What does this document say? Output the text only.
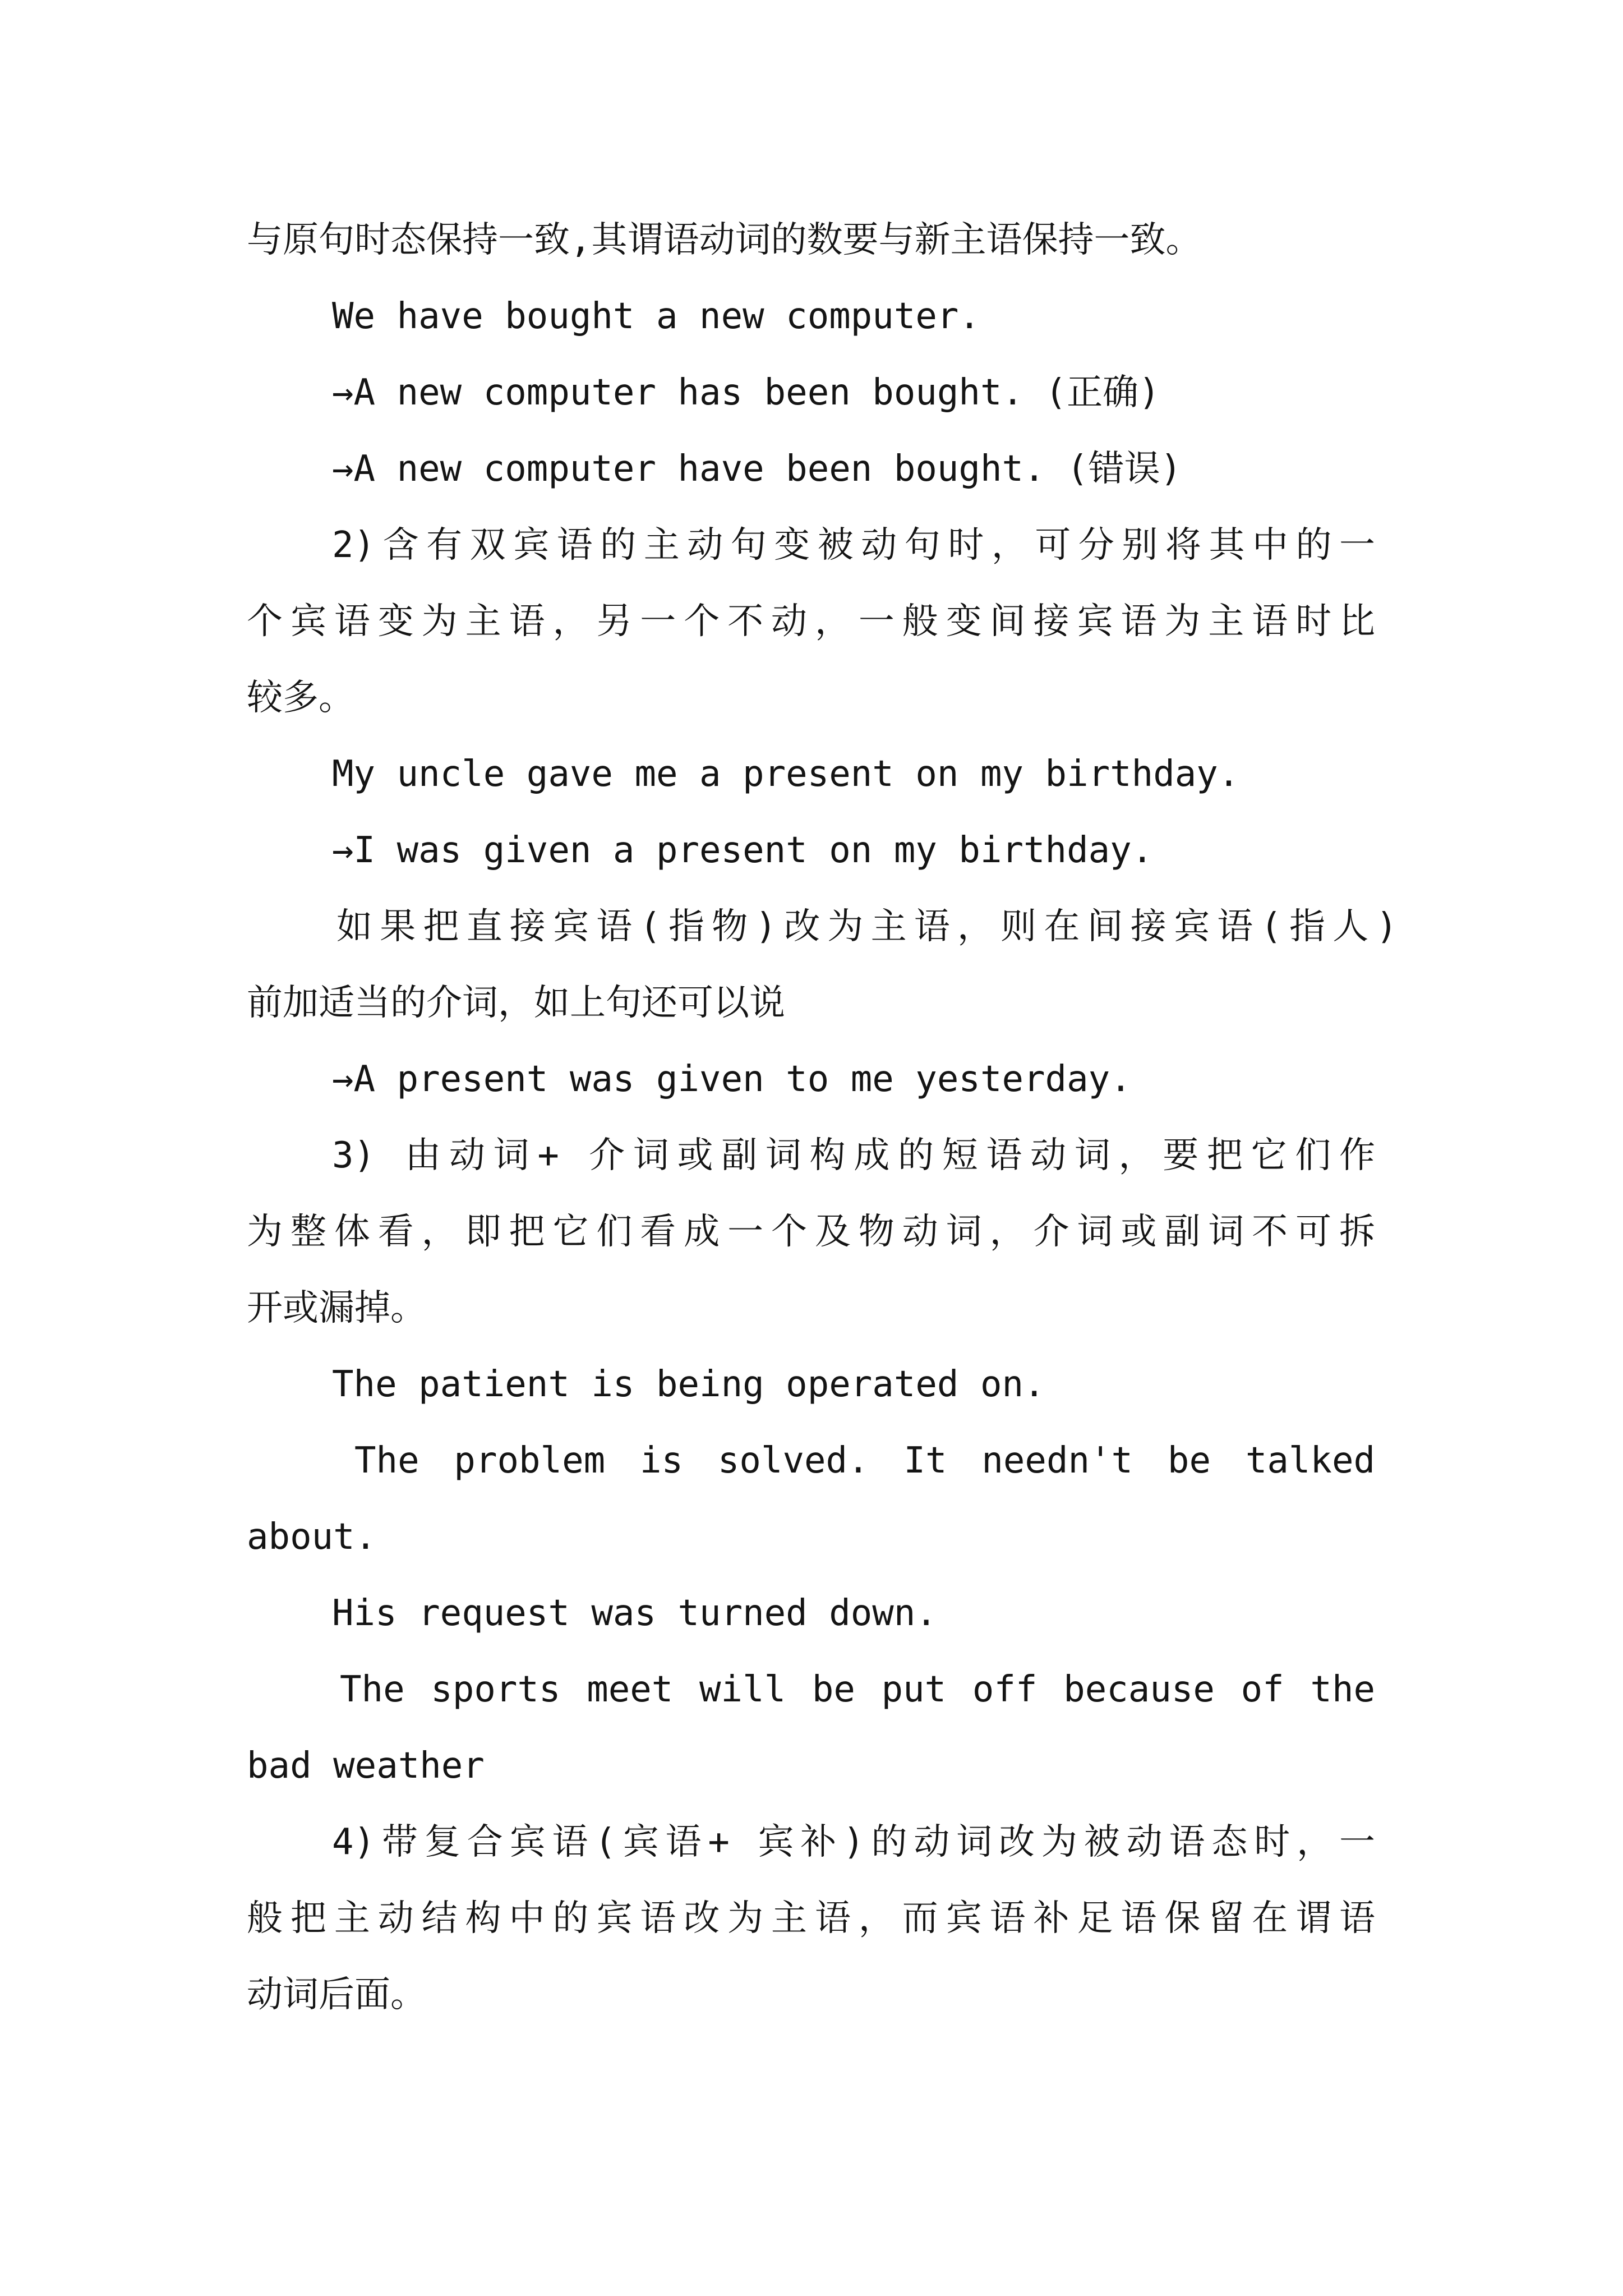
与原句时态保持一致,其谓语动词的数要与新主语保持一致。
We have bought a new computer.
→A new computer has been bought. (正确)
→A new computer have been bought. (错误)
2)含有双宾语的主动句变被动句时，可分别将其中的一
个宾语变为主语，另一个不动，一般变间接宾语为主语时比
较多。
My uncle gave me a present on my birthday.
→I was given a present on my birthday.
如果把直接宾语(指物)改为主语，则在间接宾语(指人)
前加适当的介词，如上句还可以说
→A present was given to me yesterday.
3) 由动词+ 介词或副词构成的短语动词，要把它们作
为整体看，即把它们看成一个及物动词，介词或副词不可拆
开或漏掉。
The patient is being operated on.
The problem is solved. It needn't be talked
about.
His request was turned down.
The sports meet will be put off because of the
bad weather
4)带复合宾语(宾语+ 宾补)的动词改为被动语态时，一
般把主动结构中的宾语改为主语，而宾语补足语保留在谓语
动词后面。
